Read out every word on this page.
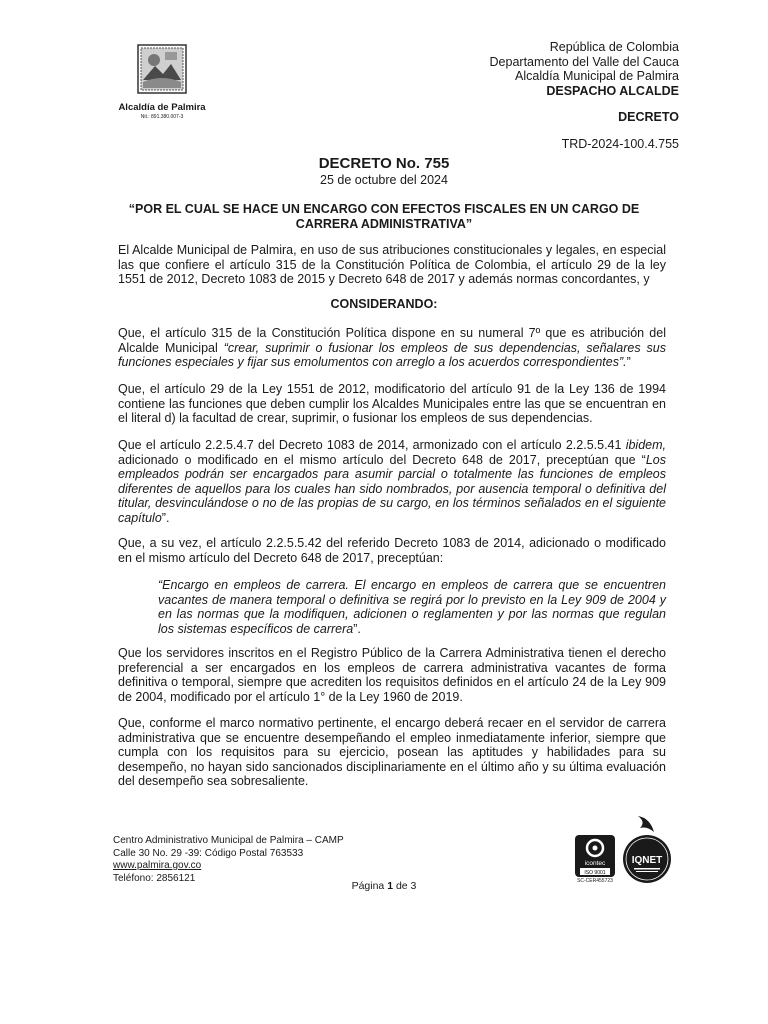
Alcaldía de Palmira
Nit.: 891.380.007-3
República de Colombia
Departamento del Valle del Cauca
Alcaldía Municipal de Palmira
DESPACHO ALCALDE
DECRETO
TRD-2024-100.4.755
DECRETO No. 755
25 de octubre del 2024
“POR EL CUAL SE HACE UN ENCARGO CON EFECTOS FISCALES EN UN CARGO DE CARRERA ADMINISTRATIVA”

El Alcalde Municipal de Palmira, en uso de sus atribuciones constitucionales y legales, en especial las que confiere el artículo 315 de la Constitución Política de Colombia, el artículo 29 de la ley 1551 de 2012, Decreto 1083 de 2015 y Decreto 648 de 2017 y además normas concordantes, y

CONSIDERANDO:

Que, el artículo 315 de la Constitución Política dispone en su numeral 7º que es atribución del Alcalde Municipal “crear, suprimir o fusionar los empleos de sus dependencias, señalares sus funciones especiales y fijar sus emolumentos con arreglo a los acuerdos correspondientes”.”

Que, el artículo 29 de la Ley 1551 de 2012, modificatorio del artículo 91 de la Ley 136 de 1994 contiene las funciones que deben cumplir los Alcaldes Municipales entre las que se encuentran en el literal d) la facultad de crear, suprimir, o fusionar los empleos de sus dependencias.

Que el artículo 2.2.5.4.7 del Decreto 1083 de 2014, armonizado con el artículo 2.2.5.5.41 ibidem, adicionado o modificado en el mismo artículo del Decreto 648 de 2017, preceptúan que “Los empleados podrán ser encargados para asumir parcial o totalmente las funciones de empleos diferentes de aquellos para los cuales han sido nombrados, por ausencia temporal o definitiva del titular, desvinculándose o no de las propias de su cargo, en los términos señalados en el siguiente capítulo”.

Que, a su vez, el artículo 2.2.5.5.42 del referido Decreto 1083 de 2014, adicionado o modificado en el mismo artículo del Decreto 648 de 2017, preceptúan:

“Encargo en empleos de carrera. El encargo en empleos de carrera que se encuentren vacantes de manera temporal o definitiva se regirá por lo previsto en la Ley 909 de 2004 y en las normas que la modifiquen, adicionen o reglamenten y por las normas que regulan los sistemas específicos de carrera”.

Que los servidores inscritos en el Registro Público de la Carrera Administrativa tienen el derecho preferencial a ser encargados en los empleos de carrera administrativa vacantes de forma definitiva o temporal, siempre que acrediten los requisitos definidos en el artículo 24 de la Ley 909 de 2004, modificado por el artículo 1° de la Ley 1960 de 2019.

Que, conforme el marco normativo pertinente, el encargo deberá recaer en el servidor de carrera administrativa que se encuentre desempeñando el empleo inmediatamente inferior, siempre que cumpla con los requisitos para su ejercicio, posean las aptitudes y habilidades para su desempeño, no hayan sido sancionados disciplinariamente en el último año y su última evaluación del desempeño sea sobresaliente.

Centro Administrativo Municipal de Palmira – CAMP
Calle 30 No. 29 -39: Código Postal 763533
www.palmira.gov.co
Teléfono: 2856121
Página 1 de 3
icontec
ISO 9001
SC-CER455723
IQNET
